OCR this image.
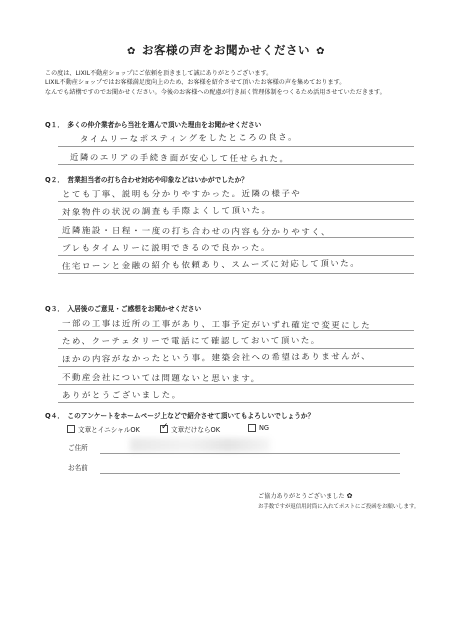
✿ お客様の声をお聞かせください ✿
この度は、LIXIL不動産ショップにご依頼を頂きまして誠にありがとうございます。
LIXIL不動産ショップではお客様満足度向上のため、お客様を紹介させて頂いたお客様の声を集めております。
なんでも結構ですのでお聞かせください。今後のお客様への配慮が行き届く管理体制をつくるため活用させていただきます。
Q１．　多くの仲介業者から当社を選んで頂いた理由をお聞かせください
タイムリーなポスティングをしたところの良さ。
近隣のエリアの手続き面が安心して任せられた。
Q２．　営業担当者の打ち合わせ対応や印象などはいかがでしたか？
とても丁寧、説明も分かりやすかった。近隣の様子や
対象物件の状況の調査も手際よくして頂いた。
近隣施設・日程・一度の打ち合わせの内容も分かりやすく、
プレもタイムリーに説明できるので良かった。
住宅ローンと金融の紹介も依頼あり、スムーズに対応して頂いた。
Q３．　入居後のご意見・ご感想をお聞かせください
一部の工事は近所の工事があり、工事予定がいずれ確定で変更にした
ため、クーテェタリーで電話にて確認しておいて頂いた。
ほかの内容がなかったという事。建築会社への希望はありませんが、
不動産会社については問題ないと思います。
ありがとうございました。
Q４．　このアンケートをホームページ上などで紹介させて頂いてもよろしいでしょうか？
文章とイニシャルOK ✓ 文章だけならOK	NG
ご住所
お名前
ご協力ありがとうございました ✿
お手数ですが返信用封筒に入れてポストにご投函をお願いします。
